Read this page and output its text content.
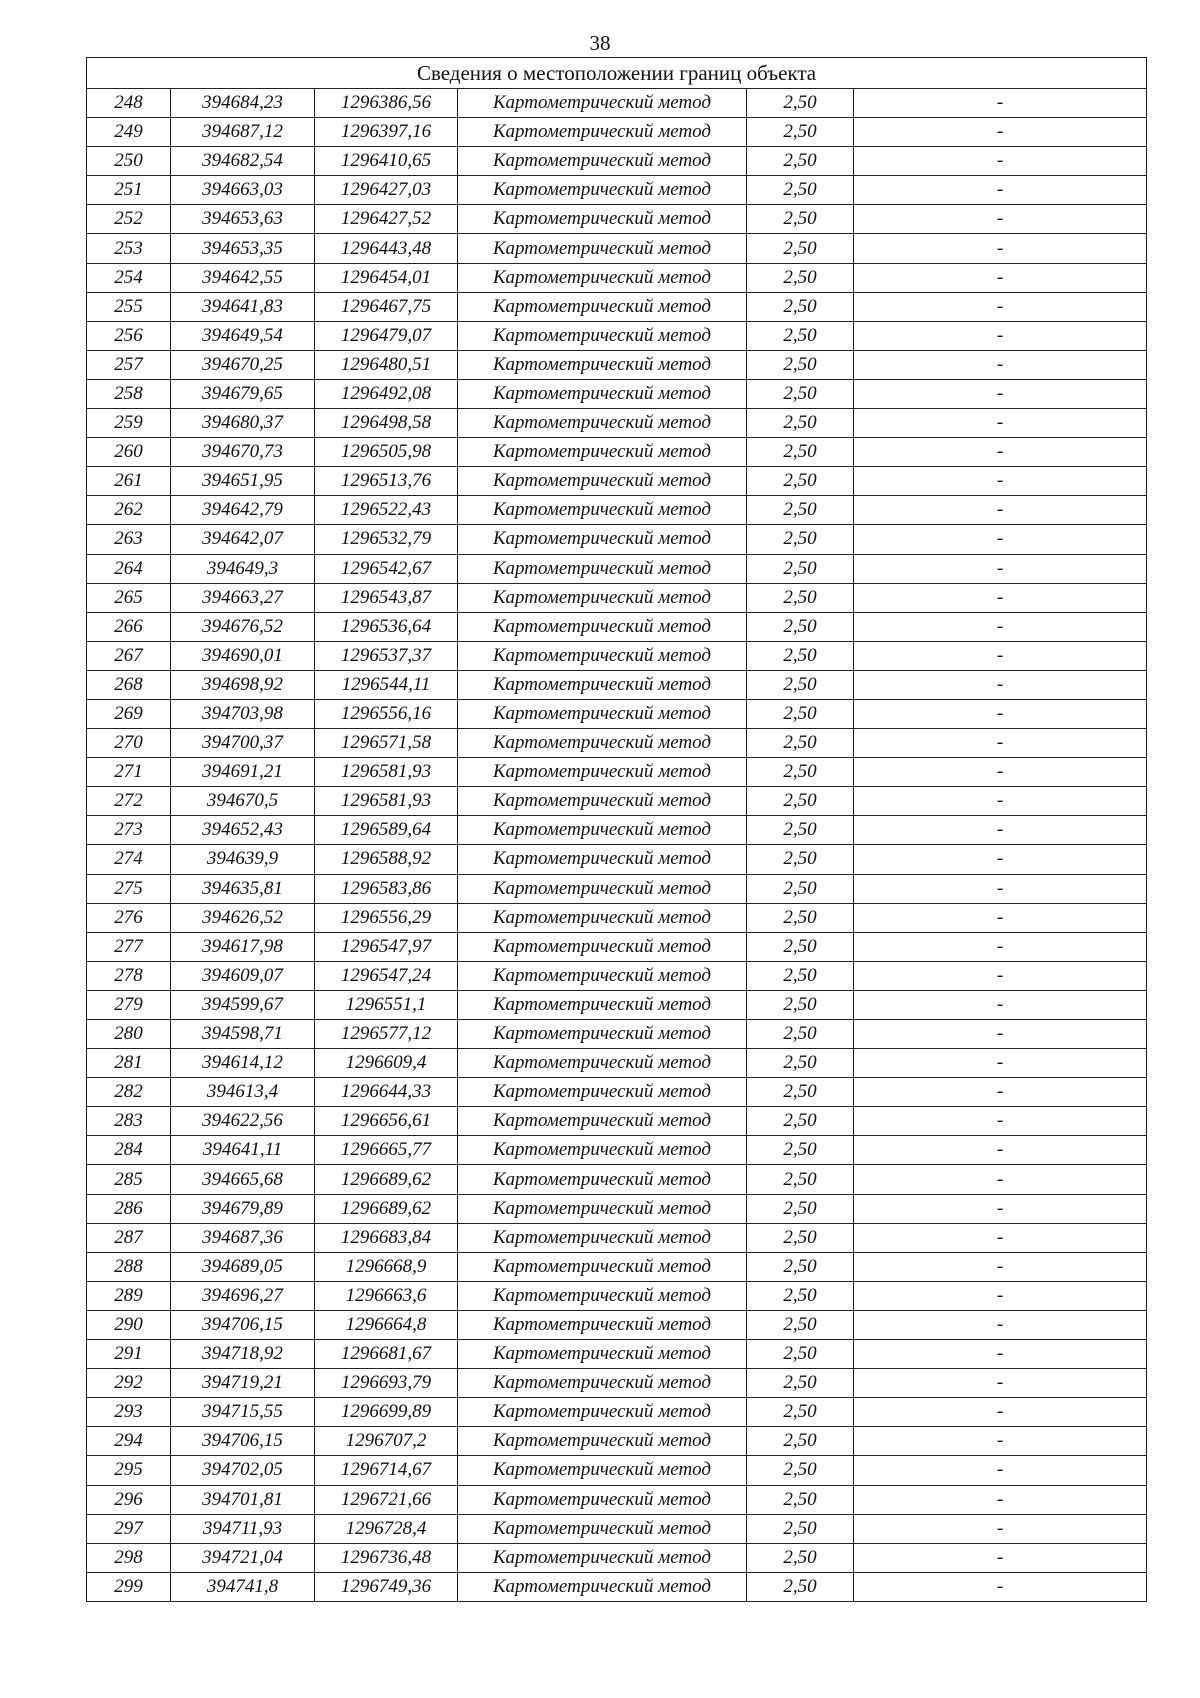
38
Сведения о местоположении границ объекта					
248	394684,23	1296386,56	Картометрический метод	2,50	-
249	394687,12	1296397,16	Картометрический метод	2,50	-
250	394682,54	1296410,65	Картометрический метод	2,50	-
251	394663,03	1296427,03	Картометрический метод	2,50	-
252	394653,63	1296427,52	Картометрический метод	2,50	-
253	394653,35	1296443,48	Картометрический метод	2,50	-
254	394642,55	1296454,01	Картометрический метод	2,50	-
255	394641,83	1296467,75	Картометрический метод	2,50	-
256	394649,54	1296479,07	Картометрический метод	2,50	-
257	394670,25	1296480,51	Картометрический метод	2,50	-
258	394679,65	1296492,08	Картометрический метод	2,50	-
259	394680,37	1296498,58	Картометрический метод	2,50	-
260	394670,73	1296505,98	Картометрический метод	2,50	-
261	394651,95	1296513,76	Картометрический метод	2,50	-
262	394642,79	1296522,43	Картометрический метод	2,50	-
263	394642,07	1296532,79	Картометрический метод	2,50	-
264	394649,3	1296542,67	Картометрический метод	2,50	-
265	394663,27	1296543,87	Картометрический метод	2,50	-
266	394676,52	1296536,64	Картометрический метод	2,50	-
267	394690,01	1296537,37	Картометрический метод	2,50	-
268	394698,92	1296544,11	Картометрический метод	2,50	-
269	394703,98	1296556,16	Картометрический метод	2,50	-
270	394700,37	1296571,58	Картометрический метод	2,50	-
271	394691,21	1296581,93	Картометрический метод	2,50	-
272	394670,5	1296581,93	Картометрический метод	2,50	-
273	394652,43	1296589,64	Картометрический метод	2,50	-
274	394639,9	1296588,92	Картометрический метод	2,50	-
275	394635,81	1296583,86	Картометрический метод	2,50	-
276	394626,52	1296556,29	Картометрический метод	2,50	-
277	394617,98	1296547,97	Картометрический метод	2,50	-
278	394609,07	1296547,24	Картометрический метод	2,50	-
279	394599,67	1296551,1	Картометрический метод	2,50	-
280	394598,71	1296577,12	Картометрический метод	2,50	-
281	394614,12	1296609,4	Картометрический метод	2,50	-
282	394613,4	1296644,33	Картометрический метод	2,50	-
283	394622,56	1296656,61	Картометрический метод	2,50	-
284	394641,11	1296665,77	Картометрический метод	2,50	-
285	394665,68	1296689,62	Картометрический метод	2,50	-
286	394679,89	1296689,62	Картометрический метод	2,50	-
287	394687,36	1296683,84	Картометрический метод	2,50	-
288	394689,05	1296668,9	Картометрический метод	2,50	-
289	394696,27	1296663,6	Картометрический метод	2,50	-
290	394706,15	1296664,8	Картометрический метод	2,50	-
291	394718,92	1296681,67	Картометрический метод	2,50	-
292	394719,21	1296693,79	Картометрический метод	2,50	-
293	394715,55	1296699,89	Картометрический метод	2,50	-
294	394706,15	1296707,2	Картометрический метод	2,50	-
295	394702,05	1296714,67	Картометрический метод	2,50	-
296	394701,81	1296721,66	Картометрический метод	2,50	-
297	394711,93	1296728,4	Картометрический метод	2,50	-
298	394721,04	1296736,48	Картометрический метод	2,50	-
299	394741,8	1296749,36	Картометрический метод	2,50	-
